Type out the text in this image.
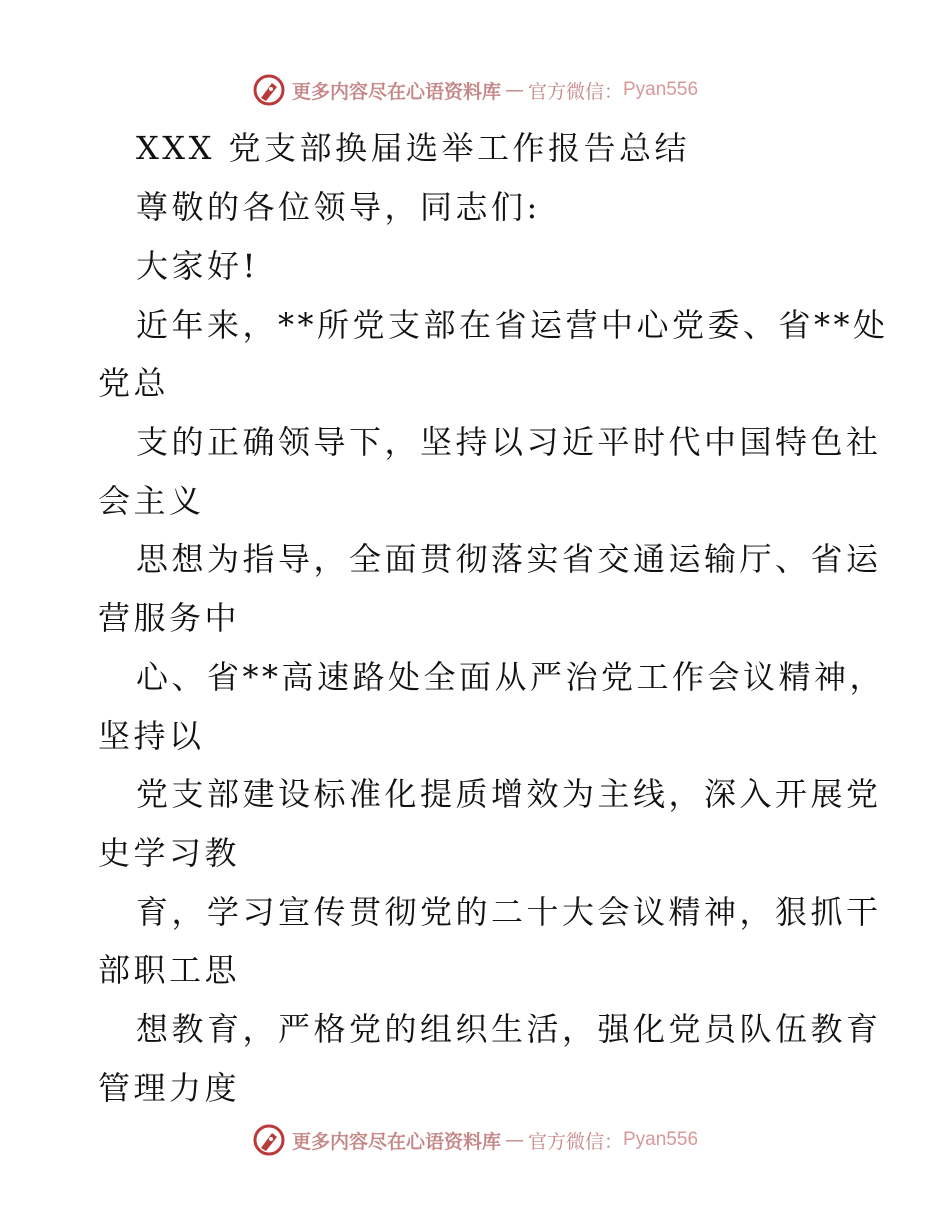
更多内容尽在心语资料库 — 官方微信： Pyan556
XXX 党支部换届选举工作报告总结
尊敬的各位领导，同志们:
大家好!
近年来，**所党支部在省运营中心党委、省**处
党总
支的正确领导下，坚持以习近平时代中国特色社
会主义
思想为指导，全面贯彻落实省交通运输厅、省运
营服务中
心、省**高速路处全面从严治党工作会议精神，
坚持以
党支部建设标准化提质增效为主线，深入开展党
史学习教
育，学习宣传贯彻党的二十大会议精神，狠抓干
部职工思
想教育，严格党的组织生活，强化党员队伍教育
管理力度
更多内容尽在心语资料库 — 官方微信： Pyan556
